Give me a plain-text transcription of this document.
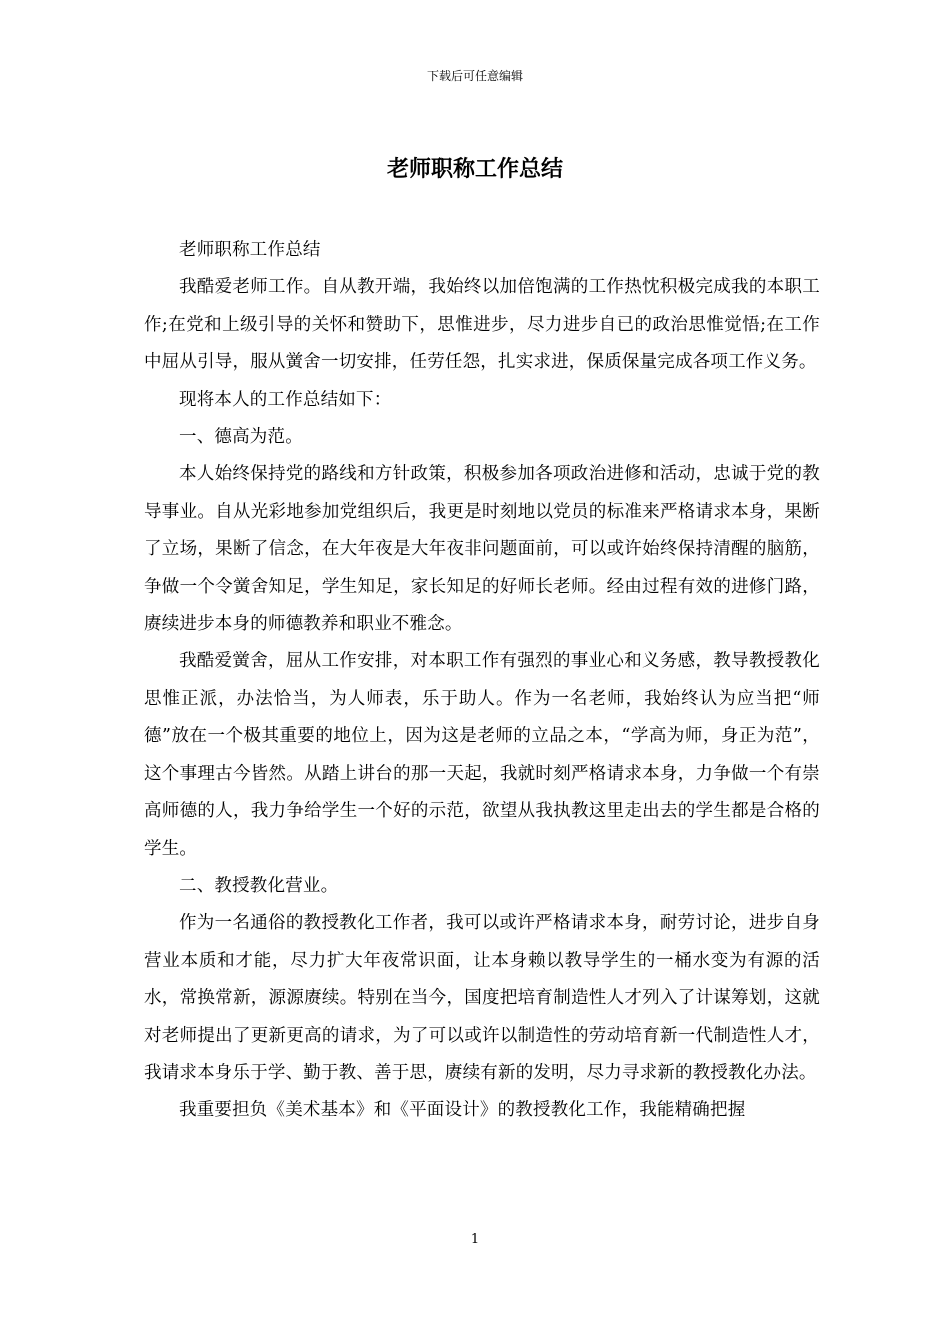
下载后可任意编辑
老师职称工作总结

老师职称工作总结

我酷爱老师工作。自从教开端，我始终以加倍饱满的工作热忱积极完成我的本职工作;在党和上级引导的关怀和赞助下，思惟进步，尽力进步自已的政治思惟觉悟;在工作中屈从引导，服从黉舍一切安排，任劳任怨，扎实求进，保质保量完成各项工作义务。

现将本人的工作总结如下：

一、德高为范。

本人始终保持党的路线和方针政策，积极参加各项政治进修和活动，忠诚于党的教导事业。自从光彩地参加党组织后，我更是时刻地以党员的标准来严格请求本身，果断了立场，果断了信念，在大年夜是大年夜非问题面前，可以或许始终保持清醒的脑筋，争做一个令黉舍知足，学生知足，家长知足的好师长老师。经由过程有效的进修门路，赓续进步本身的师德教养和职业不雅念。

我酷爱黉舍，屈从工作安排，对本职工作有强烈的事业心和义务感，教导教授教化思惟正派，办法恰当，为人师表，乐于助人。作为一名老师，我始终认为应当把“师德”放在一个极其重要的地位上，因为这是老师的立品之本，“学高为师，身正为范”，这个事理古今皆然。从踏上讲台的那一天起，我就时刻严格请求本身，力争做一个有崇高师德的人，我力争给学生一个好的示范，欲望从我执教这里走出去的学生都是合格的学生。

二、教授教化营业。

作为一名通俗的教授教化工作者，我可以或许严格请求本身，耐劳讨论，进步自身营业本质和才能，尽力扩大年夜常识面，让本身赖以教导学生的一桶水变为有源的活水，常换常新，源源赓续。特别在当今，国度把培育制造性人才列入了计谋筹划，这就对老师提出了更新更高的请求，为了可以或许以制造性的劳动培育新一代制造性人才，我请求本身乐于学、勤于教、善于思，赓续有新的发明，尽力寻求新的教授教化办法。

我重要担负《美术基本》和《平面设计》的教授教化工作，我能精确把握

1
